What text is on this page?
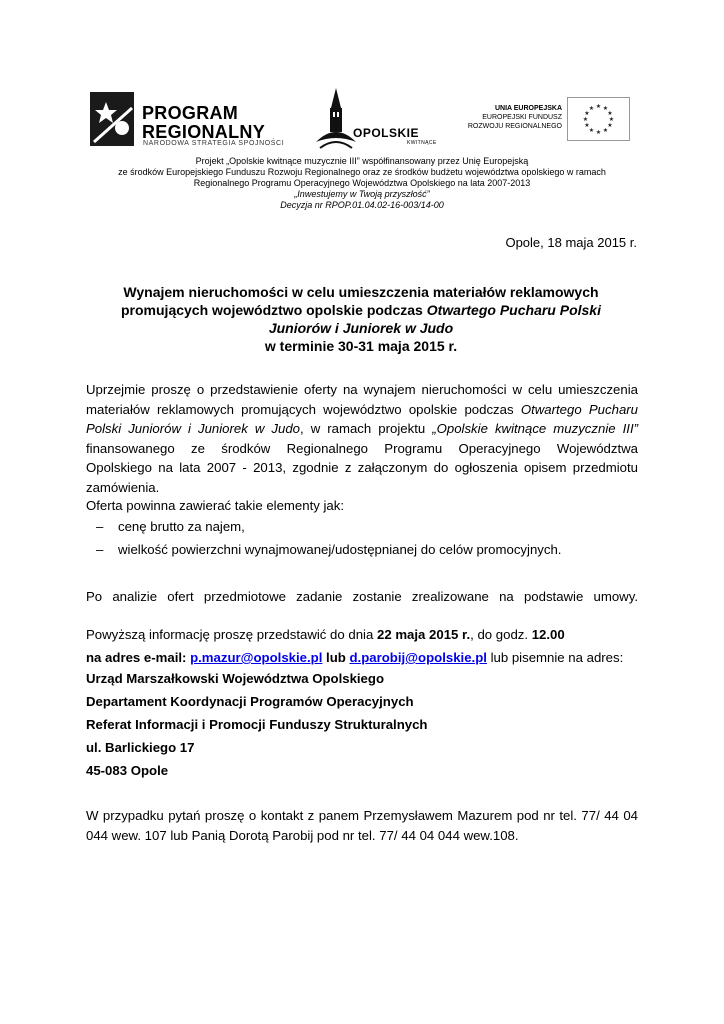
PROGRAM
REGIONALNY
NARODOWA STRATEGIA SPÓJNOŚCI
OPOLSKIE
KWITNĄCE
UNIA EUROPEJSKA
EUROPEJSKI FUNDUSZ
ROZWOJU REGIONALNEGO
★ ★
★
★
★
★
★
★
★
★
★
★
Projekt „Opolskie kwitnące muzycznie III” współfinansowany przez Unię Europejską
ze środków Europejskiego Funduszu Rozwoju Regionalnego oraz ze środków budżetu województwa opolskiego w ramach
Regionalnego Programu Operacyjnego Województwa Opolskiego na lata 2007-2013
„Inwestujemy w Twoją przyszłość”
Decyzja nr RPOP.01.04.02-16-003/14-00
Opole, 18 maja 2015 r.
Wynajem nieruchomości w celu umieszczenia materiałów reklamowych
promujących województwo opolskie podczas Otwartego Pucharu Polski
Juniorów i Juniorek w Judo
w terminie 30-31 maja 2015 r.
Uprzejmie proszę o przedstawienie oferty na wynajem nieruchomości w celu umieszczenia
materiałów reklamowych promujących województwo opolskie podczas Otwartego Pucharu
Polski Juniorów i Juniorek w Judo, w ramach projektu „Opolskie kwitnące muzycznie III”
finansowanego ze środków Regionalnego Programu Operacyjnego Województwa
Opolskiego na lata 2007 - 2013, zgodnie z załączonym do ogłoszenia opisem przedmiotu
zamówienia.
Oferta powinna zawierać takie elementy jak:
– cenę brutto za najem,
– wielkość powierzchni wynajmowanej/udostępnianej do celów promocyjnych.
Po analizie ofert przedmiotowe zadanie zostanie zrealizowane na podstawie umowy.
Powyższą informację proszę przedstawić do dnia 22 maja 2015 r., do godz. 12.00
na adres e-mail: p.mazur@opolskie.pl lub d.parobij@opolskie.pl lub pisemnie na adres:
Urząd Marszałkowski Województwa Opolskiego
Departament Koordynacji Programów Operacyjnych
Referat Informacji i Promocji Funduszy Strukturalnych
ul. Barlickiego 17
45-083 Opole
W przypadku pytań proszę o kontakt z panem Przemysławem Mazurem pod nr tel. 77/ 44 04
044 wew. 107 lub Panią Dorotą Parobij pod nr tel. 77/ 44 04 044 wew.108.
